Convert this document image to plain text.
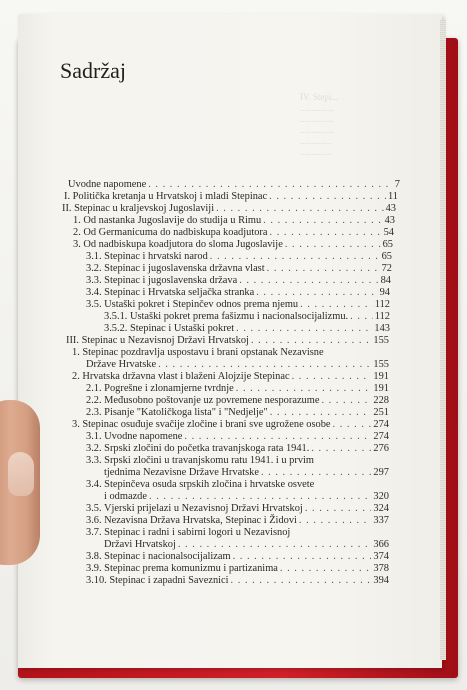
IV. Stepi...
...............
...............
...............
..............
..............
Sadržaj
Uvodne napomene . . .	7
I. Politička kretanja u Hrvatskoj i mladi Stepinac . . .	11
II. Stepinac u kraljevskoj Jugoslaviji . . .	43
1. Od nastanka Jugoslavije do studija u Rimu . . .	43
2. Od Germanicuma do nadbiskupa koadjutora . . .	54
3. Od nadbiskupa koadjutora do sloma Jugoslavije . . .	65
3.1. Stepinac i hrvatski narod . . .	65
3.2. Stepinac i jugoslavenska državna vlast . . .	72
3.3. Stepinac i jugoslavenska država . . .	84
3.4. Stepinac i Hrvatska seljačka stranka . . .	94
3.5. Ustaški pokret i Stepinčev odnos prema njemu . . .	112
3.5.1. Ustaški pokret prema fašizmu i nacionalsocijalizmu. . . .	112
3.5.2. Stepinac i Ustaški pokret . . .	143
III. Stepinac u Nezavisnoj Državi Hrvatskoj . . .	155
1. Stepinac pozdravlja uspostavu i brani opstanak Nezavisne
Države Hrvatske . . .	155
2. Hrvatska državna vlast i blaženi Alojzije Stepinac . . .	191
2.1. Pogrešne i zlonamjerne tvrdnje . . .	191
2.2. Međusobno poštovanje uz povremene nesporazume . . .	228
2.3. Pisanje "Katoličkoga lista" i "Nedjelje" . . .	251
3. Stepinac osuđuje svačije zločine i brani sve ugrožene osobe . . .	274
3.1. Uvodne napomene . . .	274
3.2. Srpski zločini do početka travanjskoga rata 1941. . . .	276
3.3. Srpski zločini u travanjskomu ratu 1941. i u prvim
tjednima Nezavisne Države Hrvatske . . .	297
3.4. Stepinčeva osuda srpskih zločina i hrvatske osvete
i odmazde . . .	320
3.5. Vjerski prijelazi u Nezavisnoj Državi Hrvatskoj . . .	324
3.6. Nezavisna Država Hrvatska, Stepinac i Židovi . . .	337
3.7. Stepinac i radni i sabirni logori u Nezavisnoj
Državi Hrvatskoj . . .	366
3.8. Stepinac i nacionalsocijalizam . . .	374
3.9. Stepinac prema komunizmu i partizanima . . .	378
3.10. Stepinac i zapadni Saveznici . . .	394
